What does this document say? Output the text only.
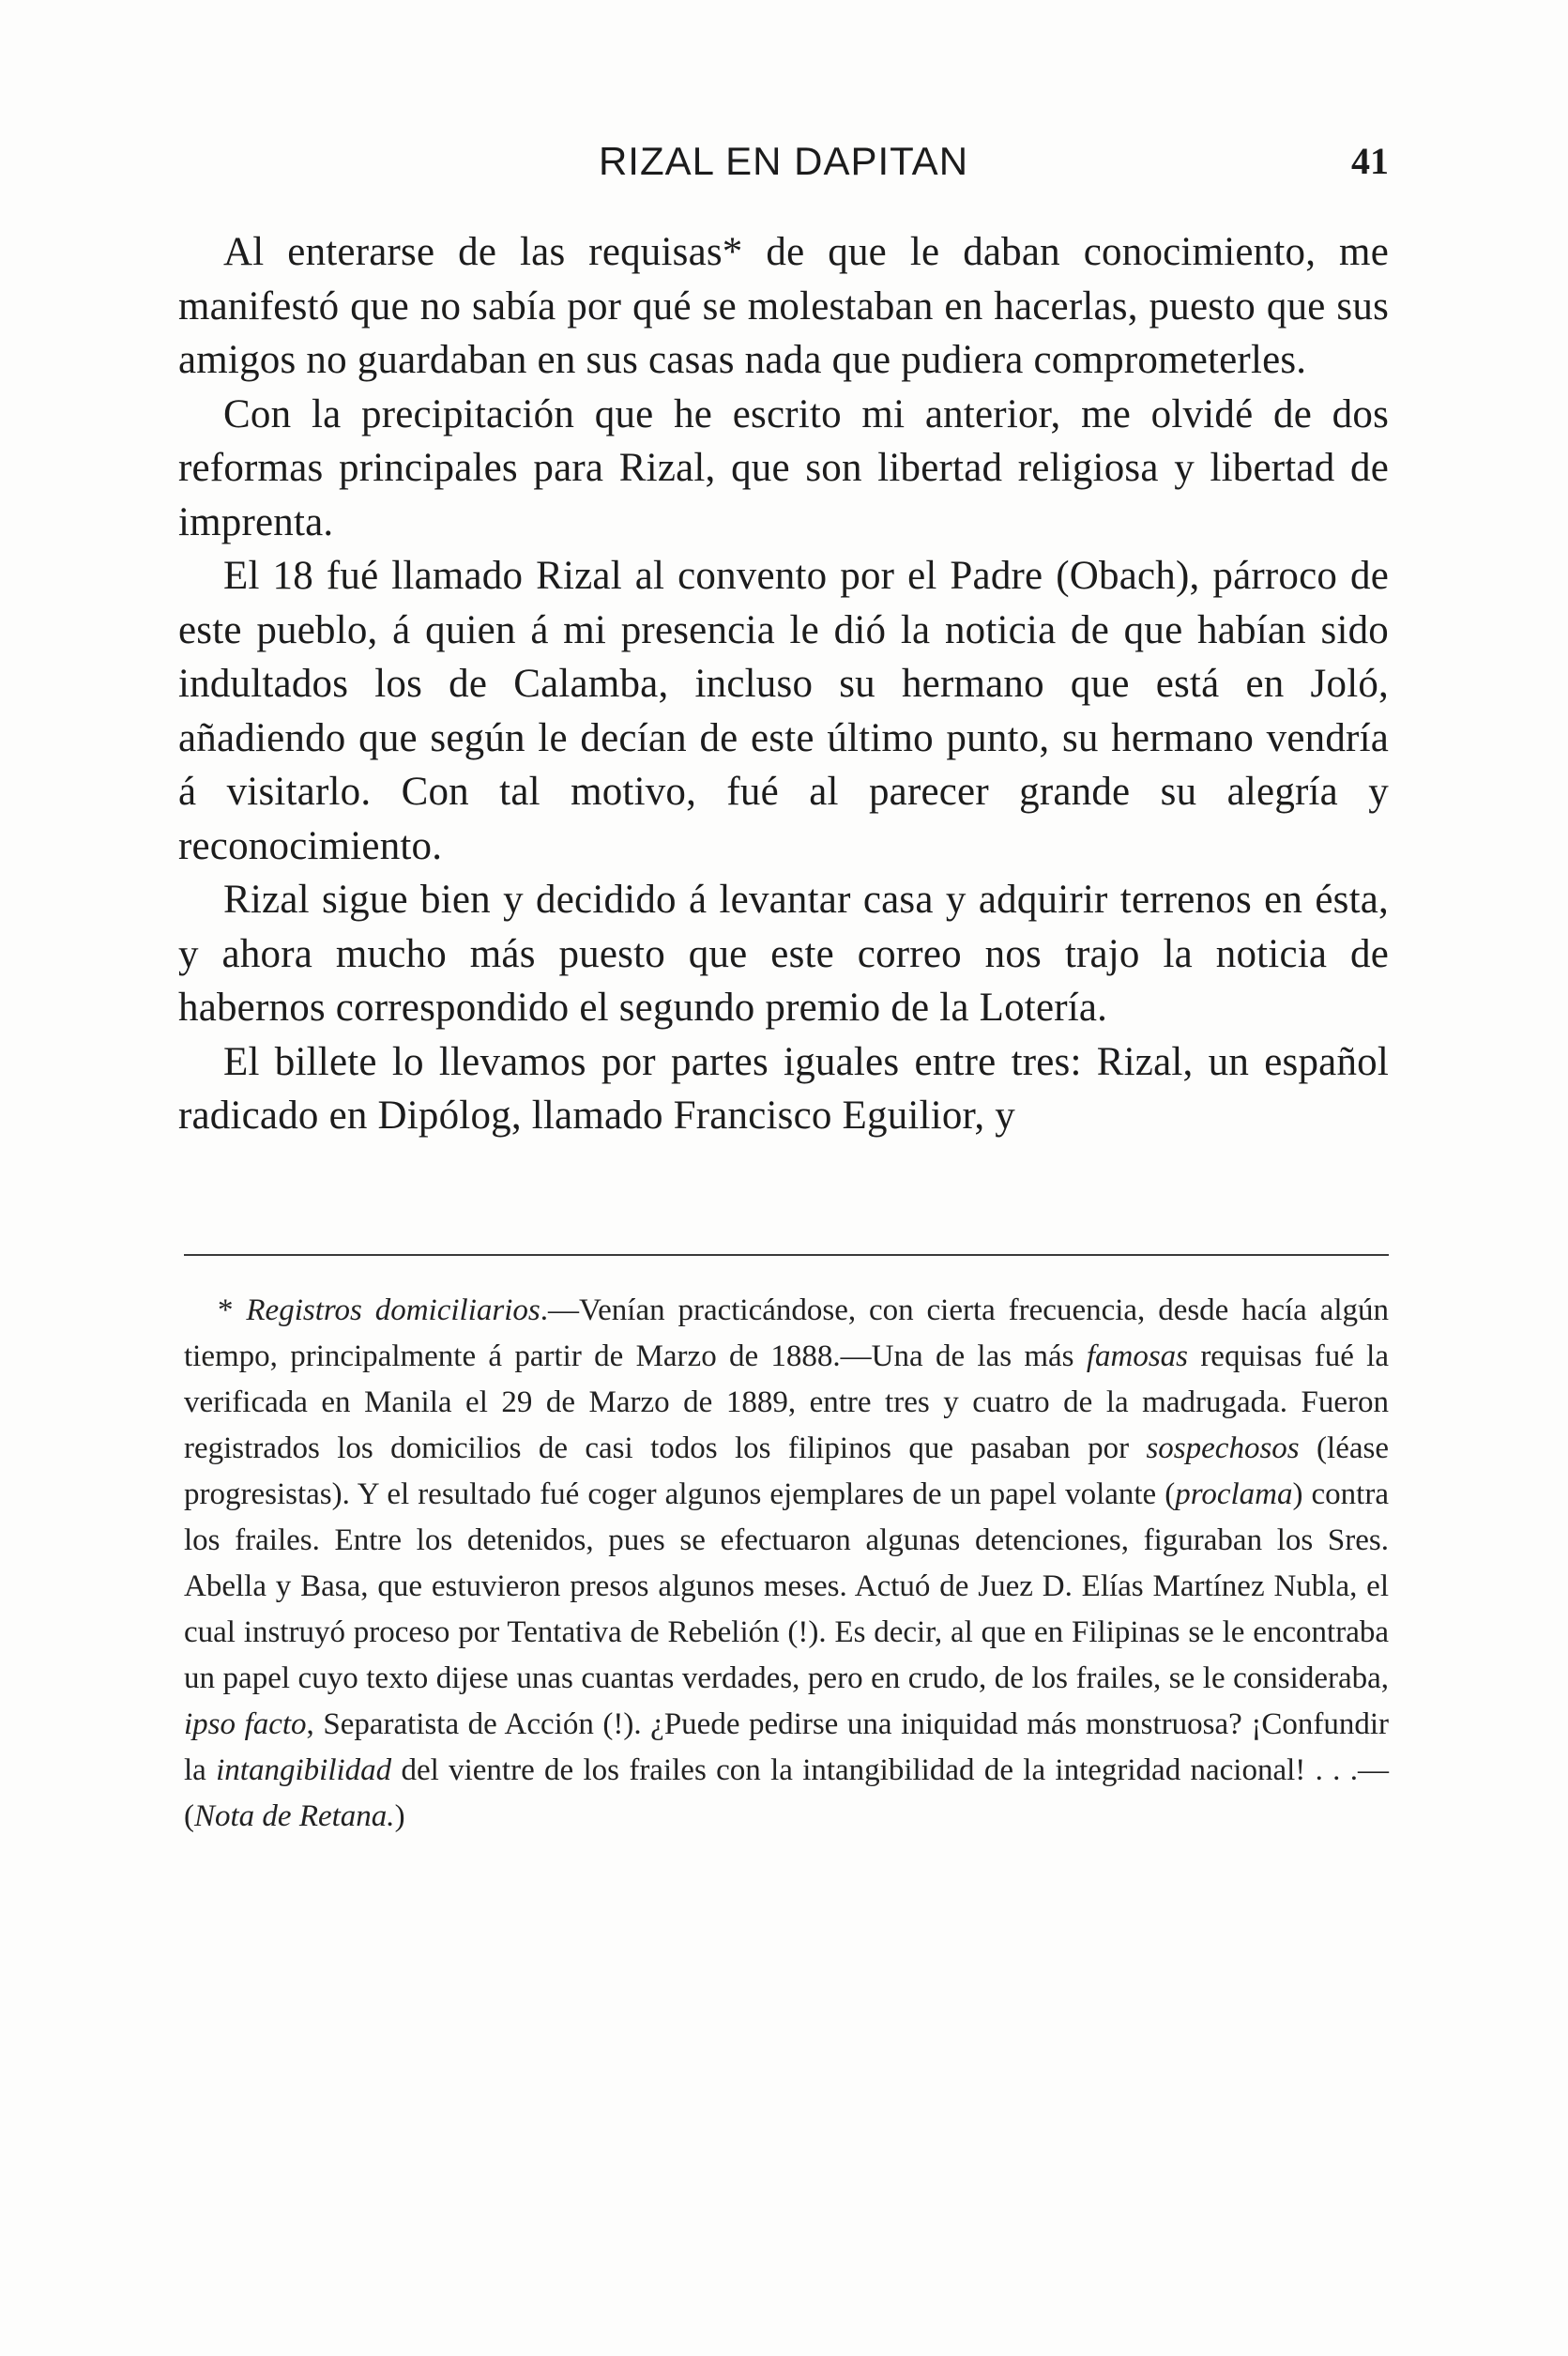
RIZAL EN DAPITAN	41

Al enterarse de las requisas* de que le daban conocimiento, me manifestó que no sabía por qué se molestaban en hacerlas, puesto que sus amigos no guardaban en sus casas nada que pudiera comprometerles.

Con la precipitación que he escrito mi anterior, me olvidé de dos reformas principales para Rizal, que son libertad religiosa y libertad de imprenta.

El 18 fué llamado Rizal al convento por el Padre (Obach), párroco de este pueblo, á quien á mi presencia le dió la noticia de que habían sido indultados los de Calamba, incluso su hermano que está en Joló, añadiendo que según le decían de este último punto, su hermano vendría á visitarlo. Con tal motivo, fué al parecer grande su alegría y reconocimiento.

Rizal sigue bien y decidido á levantar casa y adquirir terrenos en ésta, y ahora mucho más puesto que este correo nos trajo la noticia de habernos correspondido el segundo premio de la Lotería.

El billete lo llevamos por partes iguales entre tres: Rizal, un español radicado en Dipólog, llamado Francisco Eguilior, y

* Registros domiciliarios.—Venían practicándose, con cierta frecuencia, desde hacía algún tiempo, principalmente á partir de Marzo de 1888.—Una de las más famosas requisas fué la verificada en Manila el 29 de Marzo de 1889, entre tres y cuatro de la madrugada. Fueron registrados los domicilios de casi todos los filipinos que pasaban por sospechosos (léase progresistas). Y el resultado fué coger algunos ejemplares de un papel volante (proclama) contra los frailes. Entre los detenidos, pues se efectuaron algunas detenciones, figuraban los Sres. Abella y Basa, que estuvieron presos algunos meses. Actuó de Juez D. Elías Martínez Nubla, el cual instruyó proceso por Tentativa de Rebelión (!). Es decir, al que en Filipinas se le encontraba un papel cuyo texto dijese unas cuantas verdades, pero en crudo, de los frailes, se le consideraba, ipso facto, Separatista de Acción (!). ¿Puede pedirse una iniquidad más monstruosa? ¡Confundir la intangibilidad del vientre de los frailes con la intangibilidad de la integridad nacional! . . .— (Nota de Retana.)
